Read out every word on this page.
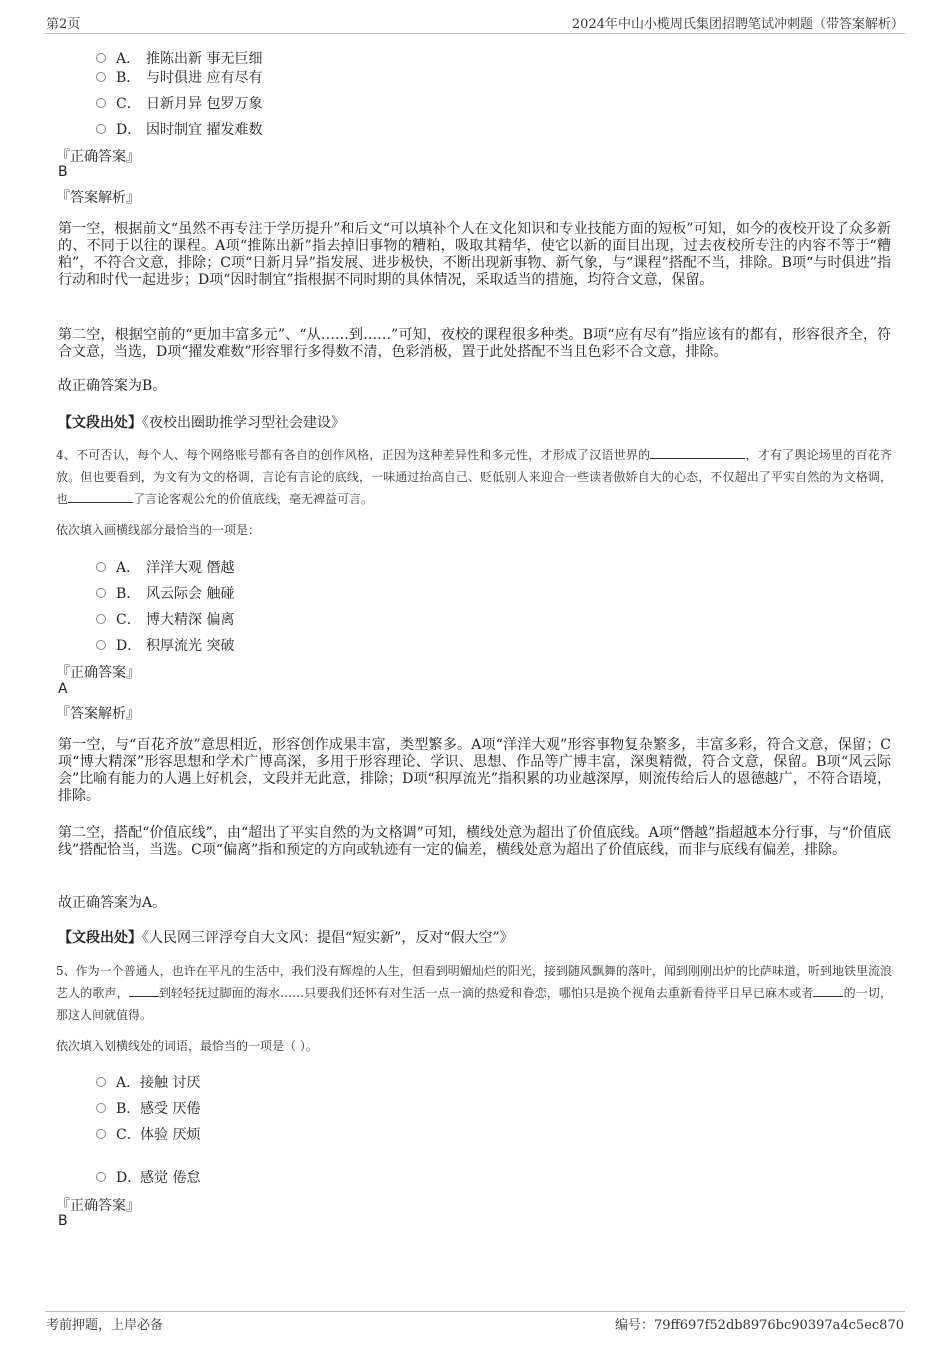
第2页	2024年中山小榄周氏集团招聘笔试冲刺题（带答案解析）
A． 推陈出新 事无巨细
B． 与时俱进 应有尽有
C． 日新月异 包罗万象
D． 因时制宜 擢发难数
『正确答案』
B
『答案解析』
第一空，根据前文“虽然不再专注于学历提升”和后文“可以填补个人在文化知识和专业技能方面的短板”可知，如今的夜校开设了众多新的、不同于以往的课程。A项“推陈出新”指去掉旧事物的糟粕，吸取其精华，使它以新的面目出现，过去夜校所专注的内容不等于“糟粕”，不符合文意，排除；C项“日新月异”指发展、进步极快，不断出现新事物、新气象，与“课程”搭配不当，排除。B项“与时俱进”指行动和时代一起进步；D项“因时制宜”指根据不同时期的具体情况，采取适当的措施，均符合文意，保留。
第二空，根据空前的“更加丰富多元”、“从……到……”可知，夜校的课程很多种类。B项“应有尽有”指应该有的都有，形容很齐全，符合文意，当选，D项“擢发难数”形容罪行多得数不清，色彩消极，置于此处搭配不当且色彩不合文意，排除。
故正确答案为B。
【文段出处】《夜校出圈助推学习型社会建设》
4、不可否认，每个人、每个网络账号都有各自的创作风格，正因为这种差异性和多元性，才形成了汉语世界的	，才有了舆论场里的百花齐放。但也要看到，为文有为文的格调，言论有言论的底线，一味通过抬高自己、贬低别人来迎合一些读者傲娇自大的心态，不仅超出了平实自然的为文格调，也	了言论客观公允的价值底线，毫无裨益可言。
依次填入画横线部分最恰当的一项是：
A． 洋洋大观 僭越
B． 风云际会 触碰
C． 博大精深 偏离
D． 积厚流光 突破
『正确答案』
A
『答案解析』
第一空，与“百花齐放”意思相近，形容创作成果丰富，类型繁多。A项“洋洋大观”形容事物复杂繁多，丰富多彩，符合文意，保留；C项“博大精深”形容思想和学术广博高深，多用于形容理论、学识、思想、作品等广博丰富，深奥精微，符合文意，保留。B项“风云际会”比喻有能力的人遇上好机会，文段并无此意，排除；D项“积厚流光”指积累的功业越深厚，则流传给后人的恩德越广，不符合语境，排除。
第二空，搭配“价值底线”，由“超出了平实自然的为文格调”可知，横线处意为超出了价值底线。A项“僭越”指超越本分行事，与“价值底线”搭配恰当，当选。C项“偏离”指和预定的方向或轨迹有一定的偏差，横线处意为超出了价值底线，而非与底线有偏差，排除。
故正确答案为A。
【文段出处】《人民网三评浮夸自大文风：提倡“短实新”，反对“假大空”》
5、作为一个普通人，也许在平凡的生活中，我们没有辉煌的人生，但看到明媚灿烂的阳光，接到随风飘舞的落叶，闻到刚刚出炉的比萨味道，听到地铁里流浪艺人的歌声，	到轻轻抚过脚面的海水……只要我们还怀有对生活一点一滴的热爱和眷恋，哪怕只是换个视角去重新看待平日早已麻木或者	的一切，那这人间就值得。
依次填入划横线处的词语，最恰当的一项是（ ）。
A．接触 讨厌
B．感受 厌倦
C．体验 厌烦
D．感觉 倦怠
『正确答案』
B
考前押题，上岸必备	编号：79ff697f52db8976bc90397a4c5ec870
